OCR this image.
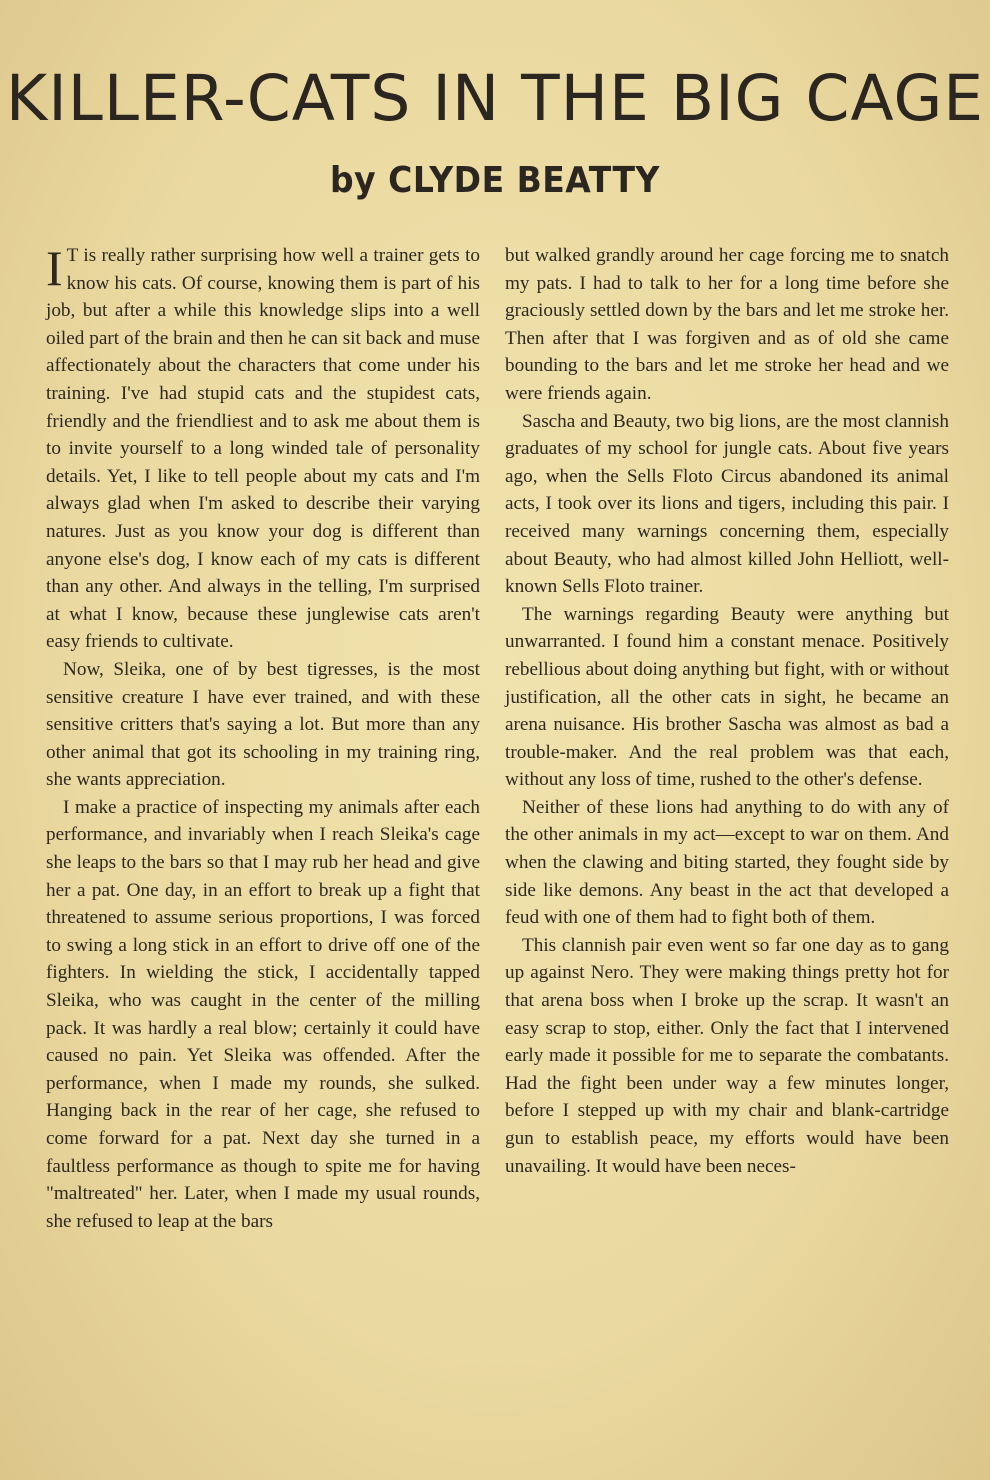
KILLER-CATS IN THE BIG CAGE
by CLYDE BEATTY

I T is really rather surprising how well a trainer gets to know his cats. Of course, knowing them is part of his job, but after a while this knowledge slips into a well oiled part of the brain and then he can sit back and muse affectionately about the characters that come under his training. I've had stupid cats and the stupidest cats, friendly and the friendliest and to ask me about them is to invite yourself to a long winded tale of personality details. Yet, I like to tell people about my cats and I'm always glad when I'm asked to describe their varying natures. Just as you know your dog is different than anyone else's dog, I know each of my cats is different than any other. And always in the telling, I'm surprised at what I know, because these junglewise cats aren't easy friends to cultivate.

Now, Sleika, one of by best tigresses, is the most sensitive creature I have ever trained, and with these sensitive critters that's saying a lot. But more than any other animal that got its schooling in my training ring, she wants appreciation.

I make a practice of inspecting my animals after each performance, and invariably when I reach Sleika's cage she leaps to the bars so that I may rub her head and give her a pat. One day, in an effort to break up a fight that threatened to assume serious proportions, I was forced to swing a long stick in an effort to drive off one of the fighters. In wielding the stick, I accidentally tapped Sleika, who was caught in the center of the milling pack. It was hardly a real blow; certainly it could have caused no pain. Yet Sleika was offended. After the performance, when I made my rounds, she sulked. Hanging back in the rear of her cage, she refused to come forward for a pat. Next day she turned in a faultless performance as though to spite me for having "maltreated" her. Later, when I made my usual rounds, she refused to leap at the bars

but walked grandly around her cage forcing me to snatch my pats. I had to talk to her for a long time before she graciously settled down by the bars and let me stroke her. Then after that I was forgiven and as of old she came bounding to the bars and let me stroke her head and we were friends again.

Sascha and Beauty, two big lions, are the most clannish graduates of my school for jungle cats. About five years ago, when the Sells Floto Circus abandoned its animal acts, I took over its lions and tigers, including this pair. I received many warnings concerning them, especially about Beauty, who had almost killed John Helliott, well-known Sells Floto trainer.

The warnings regarding Beauty were anything but unwarranted. I found him a constant menace. Positively rebellious about doing anything but fight, with or without justification, all the other cats in sight, he became an arena nuisance. His brother Sascha was almost as bad a trouble-maker. And the real problem was that each, without any loss of time, rushed to the other's defense.

Neither of these lions had anything to do with any of the other animals in my act—except to war on them. And when the clawing and biting started, they fought side by side like demons. Any beast in the act that developed a feud with one of them had to fight both of them.

This clannish pair even went so far one day as to gang up against Nero. They were making things pretty hot for that arena boss when I broke up the scrap. It wasn't an easy scrap to stop, either. Only the fact that I intervened early made it possible for me to separate the combatants. Had the fight been under way a few minutes longer, before I stepped up with my chair and blank-cartridge gun to establish peace, my efforts would have been unavailing. It would have been neces-
